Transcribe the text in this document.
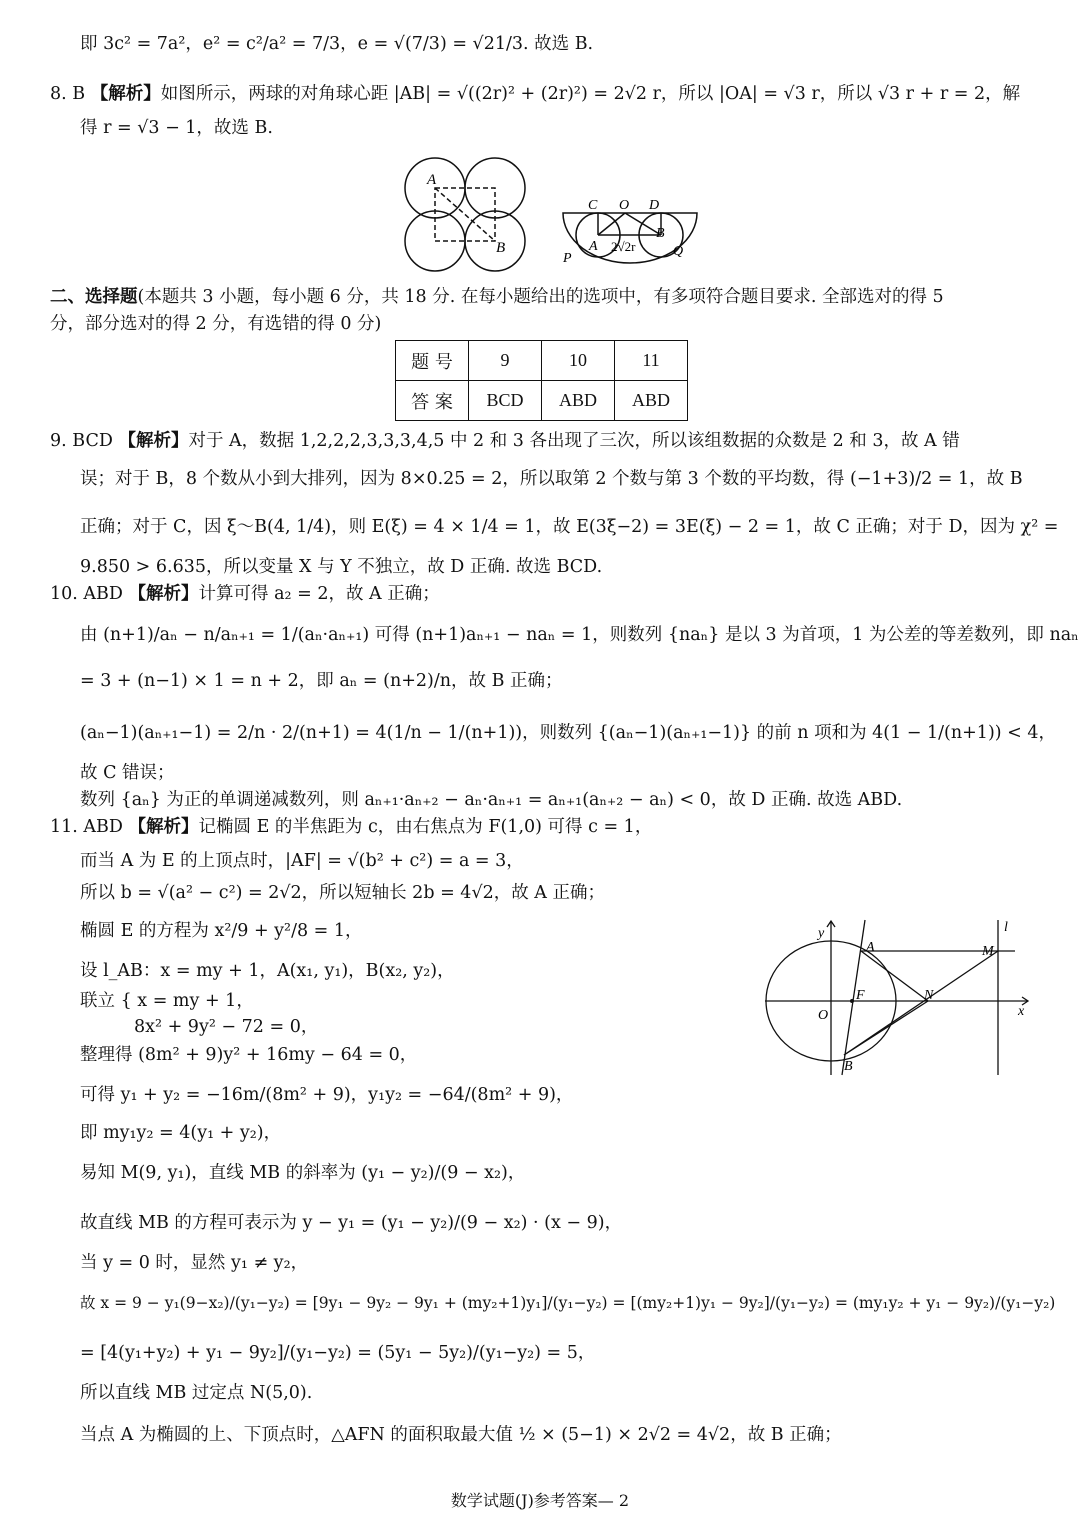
即 3c² = 7a²，e² = c²/a² = 7/3，e = √(7/3) = √21/3. 故选 B.
8. B 【解析】如图所示，两球的对角球心距 |AB| = √((2r)² + (2r)²) = 2√2 r，所以 |OA| = √3 r，所以 √3 r + r = 2，解
得 r = √3 − 1，故选 B.
A
B
C O D
A
B
P	Q
2√2r
二、选择题(本题共 3 小题，每小题 6 分，共 18 分. 在每小题给出的选项中，有多项符合题目要求. 全部选对的得 5
分，部分选对的得 2 分，有选错的得 0 分)
题 号	9	10	11
答 案	BCD	ABD	ABD
9. BCD 【解析】对于 A，数据 1,2,2,2,3,3,3,4,5 中 2 和 3 各出现了三次，所以该组数据的众数是 2 和 3，故 A 错
误；对于 B，8 个数从小到大排列，因为 8×0.25 = 2，所以取第 2 个数与第 3 个数的平均数，得 (−1+3)/2 = 1，故 B
正确；对于 C，因 ξ～B(4, 1/4)，则 E(ξ) = 4 × 1/4 = 1，故 E(3ξ−2) = 3E(ξ) − 2 = 1，故 C 正确；对于 D，因为 χ² =
9.850 > 6.635，所以变量 X 与 Y 不独立，故 D 正确. 故选 BCD.
10. ABD 【解析】计算可得 a₂ = 2，故 A 正确；
由 (n+1)/aₙ − n/aₙ₊₁ = 1/(aₙ·aₙ₊₁) 可得 (n+1)aₙ₊₁ − naₙ = 1，则数列 {naₙ} 是以 3 为首项，1 为公差的等差数列，即 naₙ
= 3 + (n−1) × 1 = n + 2，即 aₙ = (n+2)/n，故 B 正确；
(aₙ−1)(aₙ₊₁−1) = 2/n · 2/(n+1) = 4(1/n − 1/(n+1))，则数列 {(aₙ−1)(aₙ₊₁−1)} 的前 n 项和为 4(1 − 1/(n+1)) < 4，
故 C 错误；
数列 {aₙ} 为正的单调递减数列，则 aₙ₊₁·aₙ₊₂ − aₙ·aₙ₊₁ = aₙ₊₁(aₙ₊₂ − aₙ) < 0，故 D 正确. 故选 ABD.
11. ABD 【解析】记椭圆 E 的半焦距为 c，由右焦点为 F(1,0) 可得 c = 1，
而当 A 为 E 的上顶点时，|AF| = √(b² + c²) = a = 3，
所以 b = √(a² − c²) = 2√2，所以短轴长 2b = 4√2，故 A 正确；
椭圆 E 的方程为 x²/9 + y²/8 = 1，
设 l_AB：x = my + 1，A(x₁, y₁)，B(x₂, y₂)，
联立 { x = my + 1，
8x² + 9y² − 72 = 0，
整理得 (8m² + 9)y² + 16my − 64 = 0，
可得 y₁ + y₂ = −16m/(8m² + 9)，y₁y₂ = −64/(8m² + 9)，
即 my₁y₂ = 4(y₁ + y₂)，
易知 M(9, y₁)，直线 MB 的斜率为 (y₁ − y₂)/(9 − x₂)，
故直线 MB 的方程可表示为 y − y₁ = (y₁ − y₂)/(9 − x₂) · (x − 9)，
当 y = 0 时，显然 y₁ ≠ y₂，
故 x = 9 − y₁(9−x₂)/(y₁−y₂) = [9y₁ − 9y₂ − 9y₁ + (my₂+1)y₁]/(y₁−y₂) = [(my₂+1)y₁ − 9y₂]/(y₁−y₂) = (my₁y₂ + y₁ − 9y₂)/(y₁−y₂)
= [4(y₁+y₂) + y₁ − 9y₂]/(y₁−y₂) = (5y₁ − 5y₂)/(y₁−y₂) = 5，
所以直线 MB 过定点 N(5,0).
当点 A 为椭圆的上、下顶点时，△AFN 的面积取最大值 ½ × (5−1) × 2√2 = 4√2，故 B 正确；
y	l
A	M
F	N
O	x
B
数学试题(J)参考答案— 2
